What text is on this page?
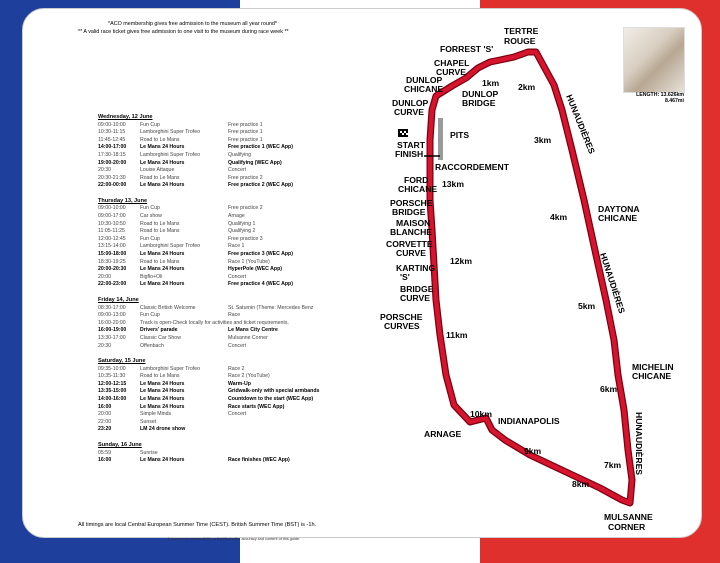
*ACO membership gives free admission to the museum all year round*
** A valid race ticket gives free admission to one visit to the museum during race week **
Wednesday, 12 June
09:00-10:00	Fun Cup	Free practice 1
10:30-11:15	Lamborghini Super Trofeo	Free practice 1
11:45-12:45	Road to Le Mans	Free practice 1
14:00-17:00	Le Mans 24 Hours	Free practice 1 (WEC App)
17:30-18:15	Lamborghini Super Trofeo	Qualifying
19:00-20:00	Le Mans 24 Hours	Qualifying (WEC App)
20:30	Louise Attaque	Concert
20:30-21:30	Road to Le Mans	Free practice 2
22:00-00:00	Le Mans 24 Hours	Free practice 2 (WEC App)
Thursday 13, June
09:00-10:00	Fun Cup	Free practice 2
09:00-17:00	Car show	Arnage
10:30-10:50	Road to Le Mans	Qualifying 1
11:05-11:25	Road to Le Mans	Qualifying 2
12:00-12:45	Fun Cup	Free practice 3
13:15-14:00	Lamborghini Super Trofeo	Race 1
15:00-18:00	Le Mans 24 Hours	Free practice 3 (WEC App)
18:30-19:25	Road to Le Mans	Race 1 (YouTube)
20:00-20:30	Le Mans 24 Hours	HyperPole (WEC App)
20:00	Bigflo+Oli	Concert
22:00-23:00	Le Mans 24 Hours	Free practice 4 (WEC App)
Friday 14, June
08:30-17:00	Classic British Welcome	St. Saturnin (Theme: Mercedes Benz
09:00-13:00	Fun Cup	Race
16:00-20:00	Track is open-Check locally for activities and ticket requirements.
16:00-19:00	Drivers' parade	Le Mans City Centre
13:30-17:00	Classic Car Show	Mulsanne Corner
20:30	Offenbach	Concert
Saturday, 15 June
09:35-10:00	Lamborghini Super Trofeo	Race 2
10:35-11:30	Road to Le Mans	Race 2 (YouTube)
12:00-12:15	Le Mans 24 Hours	Warm-Up
13:35-15:00	Le Mans 24 Hours	Gridwalk-only with special armbands
14:00-16:00	Le Mans 24 Hours	Countdown to the start (WEC App)
16:00	Le Mans 24 Hours	Race starts (WEC App)
20:00	Simple Minds	Concert
22:00	Sunset
23:20	LM 24 drone show
Sunday, 16 June
05:59	Sunrise
16:00	Le Mans 24 Hours	Race finishes (WEC App)
All timings are local Central European Summer Time (CEST). British Summer Time (BST) is -1h.
I assume no responsibility or liability for the accuracy and content of this guide.
LENGTH: 13.626km
8.467mi
TERTRE
ROUGE
FORREST 'S'
CHAPEL
CURVE
DUNLOP
CHICANE DUNLOP
BRIDGE
DUNLOP
CURVE
PITS
START
FINISH
RACCORDEMENT
FORD
CHICANE
PORSCHE
BRIDGE
MAISON
BLANCHE
CORVETTE
CURVE
KARTING
'S'
BRIDGE
CURVE
PORSCHE
CURVES
ARNAGE
INDIANAPOLIS
MULSANNE
CORNER
MICHELIN
CHICANE
DAYTONA
CHICANE
HUNAUDIÈRES
HUNAUDIÈRES
HUNAUDIÈRES
1km 2km
3km
4km
5km
6km
7km
8km
9km
10km
11km
12km
13km
